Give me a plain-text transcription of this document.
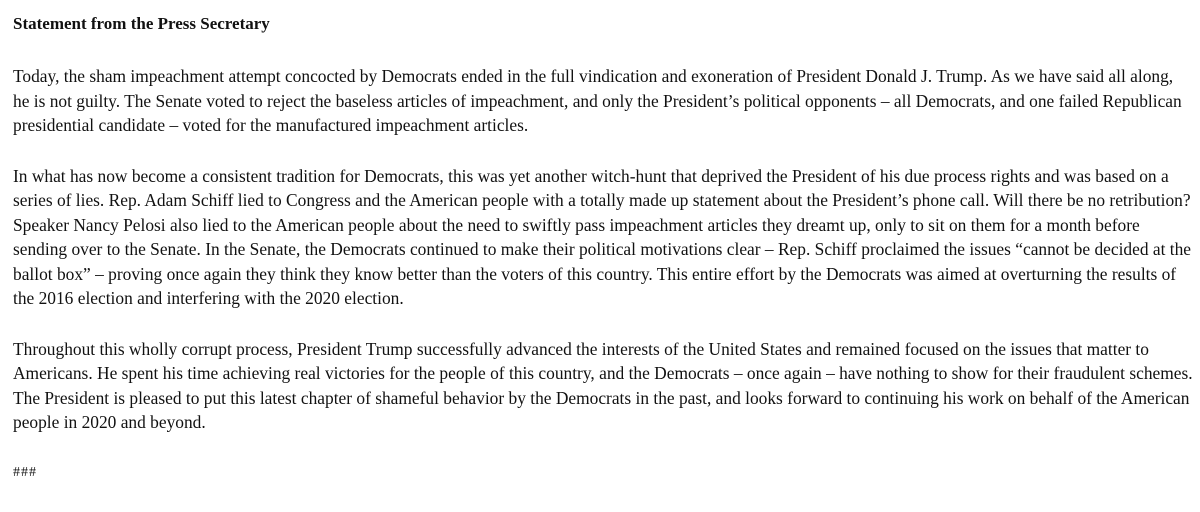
Statement from the Press Secretary

Today, the sham impeachment attempt concocted by Democrats ended in the full vindication and exoneration of President Donald J. Trump. As we have said all along, he is not guilty. The Senate voted to reject the baseless articles of impeachment, and only the President’s political opponents – all Democrats, and one failed Republican presidential candidate – voted for the manufactured impeachment articles.

In what has now become a consistent tradition for Democrats, this was yet another witch-hunt that deprived the President of his due process rights and was based on a series of lies. Rep. Adam Schiff lied to Congress and the American people with a totally made up statement about the President’s phone call. Will there be no retribution? Speaker Nancy Pelosi also lied to the American people about the need to swiftly pass impeachment articles they dreamt up, only to sit on them for a month before sending over to the Senate. In the Senate, the Democrats continued to make their political motivations clear – Rep. Schiff proclaimed the issues “cannot be decided at the ballot box” – proving once again they think they know better than the voters of this country. This entire effort by the Democrats was aimed at overturning the results of the 2016 election and interfering with the 2020 election.

Throughout this wholly corrupt process, President Trump successfully advanced the interests of the United States and remained focused on the issues that matter to Americans. He spent his time achieving real victories for the people of this country, and the Democrats – once again – have nothing to show for their fraudulent schemes. The President is pleased to put this latest chapter of shameful behavior by the Democrats in the past, and looks forward to continuing his work on behalf of the American people in 2020 and beyond.

###
